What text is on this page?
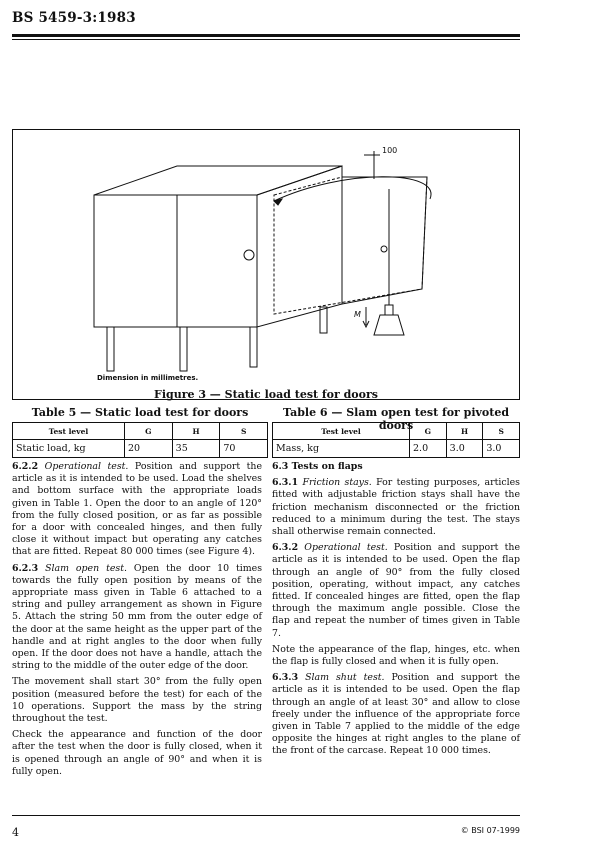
BS 5459-3:1983
100
M
Dimension in millimetres.
Figure 3 — Static load test for doors
Table 5 — Static load test for doors
Test level	G	H	S
Static load, kg	20	35	70
Table 6 — Slam open test for pivoted doors
Test level	G	H	S
Mass, kg	2.0	3.0	3.0

6.2.2 Operational test. Position and support the article as it is intended to be used. Load the shelves and bottom surface with the appropriate loads given in Table 1. Open the door to an angle of 120° from the fully closed position, or as far as possible for a door with concealed hinges, and then fully close it without impact but operating any catches that are fitted. Repeat 80 000 times (see Figure 4).

6.2.3 Slam open test. Open the door 10 times towards the fully open position by means of the appropriate mass given in Table 6 attached to a string and pulley arrangement as shown in Figure 5. Attach the string 50 mm from the outer edge of the door at the same height as the upper part of the handle and at right angles to the door when fully open. If the door does not have a handle, attach the string to the middle of the outer edge of the door.

The movement shall start 30° from the fully open position (measured before the test) for each of the 10 operations. Support the mass by the string throughout the test.

Check the appearance and function of the door after the test when the door is fully closed, when it is opened through an angle of 90° and when it is fully open.

6.3 Tests on flaps

6.3.1 Friction stays. For testing purposes, articles fitted with adjustable friction stays shall have the friction mechanism disconnected or the friction reduced to a minimum during the test. The stays shall otherwise remain connected.

6.3.2 Operational test. Position and support the article as it is intended to be used. Open the flap through an angle of 90° from the fully closed position, operating, without impact, any catches fitted. If concealed hinges are fitted, open the flap through the maximum angle possible. Close the flap and repeat the number of times given in Table 7.

Note the appearance of the flap, hinges, etc. when the flap is fully closed and when it is fully open.

6.3.3 Slam shut test. Position and support the article as it is intended to be used. Open the flap through an angle of at least 30° and allow to close freely under the influence of the appropriate force given in Table 7 applied to the middle of the edge opposite the hinges at right angles to the plane of the front of the carcase. Repeat 10 000 times.

4	© BSI 07-1999
